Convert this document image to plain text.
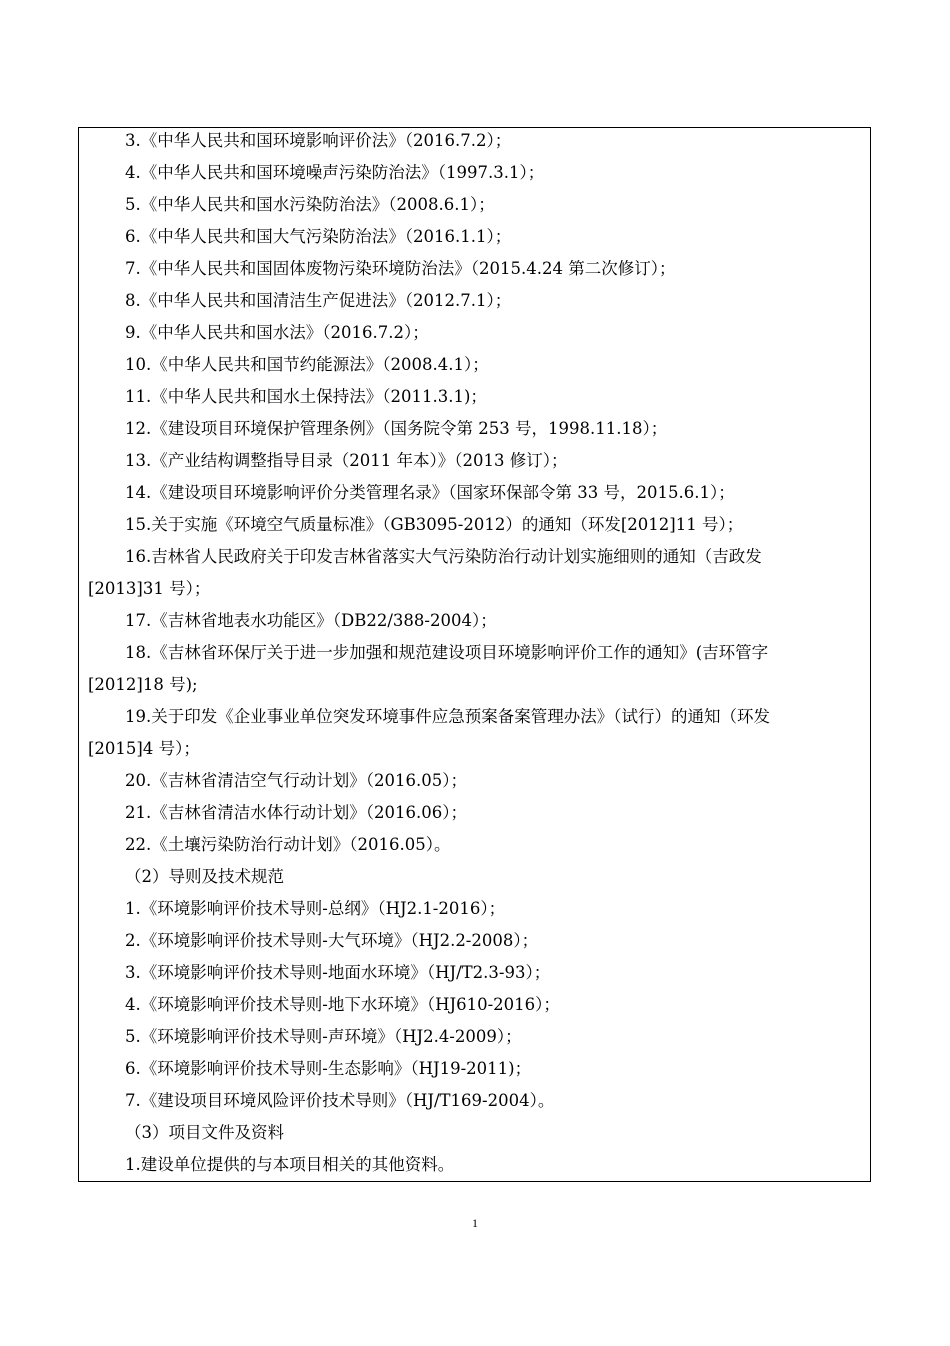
3.《中华人民共和国环境影响评价法》（2016.7.2）；
4.《中华人民共和国环境噪声污染防治法》（1997.3.1）；
5.《中华人民共和国水污染防治法》（2008.6.1）；
6.《中华人民共和国大气污染防治法》（2016.1.1）；
7.《中华人民共和国固体废物污染环境防治法》（2015.4.24 第二次修订）；
8.《中华人民共和国清洁生产促进法》（2012.7.1）；
9.《中华人民共和国水法》（2016.7.2）；
10.《中华人民共和国节约能源法》（2008.4.1）；
11.《中华人民共和国水土保持法》（2011.3.1)；
12.《建设项目环境保护管理条例》（国务院令第 253 号，1998.11.18）；
13.《产业结构调整指导目录（2011 年本）》（2013 修订）；
14.《建设项目环境影响评价分类管理名录》（国家环保部令第 33 号，2015.6.1）；
15.关于实施《环境空气质量标准》（GB3095-2012）的通知（环发[2012]11 号）；
16.吉林省人民政府关于印发吉林省落实大气污染防治行动计划实施细则的通知（吉政发
[2013]31 号）；
17.《吉林省地表水功能区》（DB22/388-2004）；
18.《吉林省环保厅关于进一步加强和规范建设项目环境影响评价工作的通知》(吉环管字
[2012]18 号);
19.关于印发《企业事业单位突发环境事件应急预案备案管理办法》（试行）的通知（环发
[2015]4 号）；
20.《吉林省清洁空气行动计划》（2016.05）；
21.《吉林省清洁水体行动计划》（2016.06）；
22.《土壤污染防治行动计划》（2016.05）。
（2）导则及技术规范
1.《环境影响评价技术导则-总纲》（HJ2.1-2016）；
2.《环境影响评价技术导则-大气环境》（HJ2.2-2008）；
3.《环境影响评价技术导则-地面水环境》（HJ/T2.3-93）；
4.《环境影响评价技术导则-地下水环境》（HJ610-2016）；
5.《环境影响评价技术导则-声环境》（HJ2.4-2009）；
6.《环境影响评价技术导则-生态影响》（HJ19-2011)；
7.《建设项目环境风险评价技术导则》（HJ/T169-2004）。
（3）项目文件及资料
1.建设单位提供的与本项目相关的其他资料。
1
